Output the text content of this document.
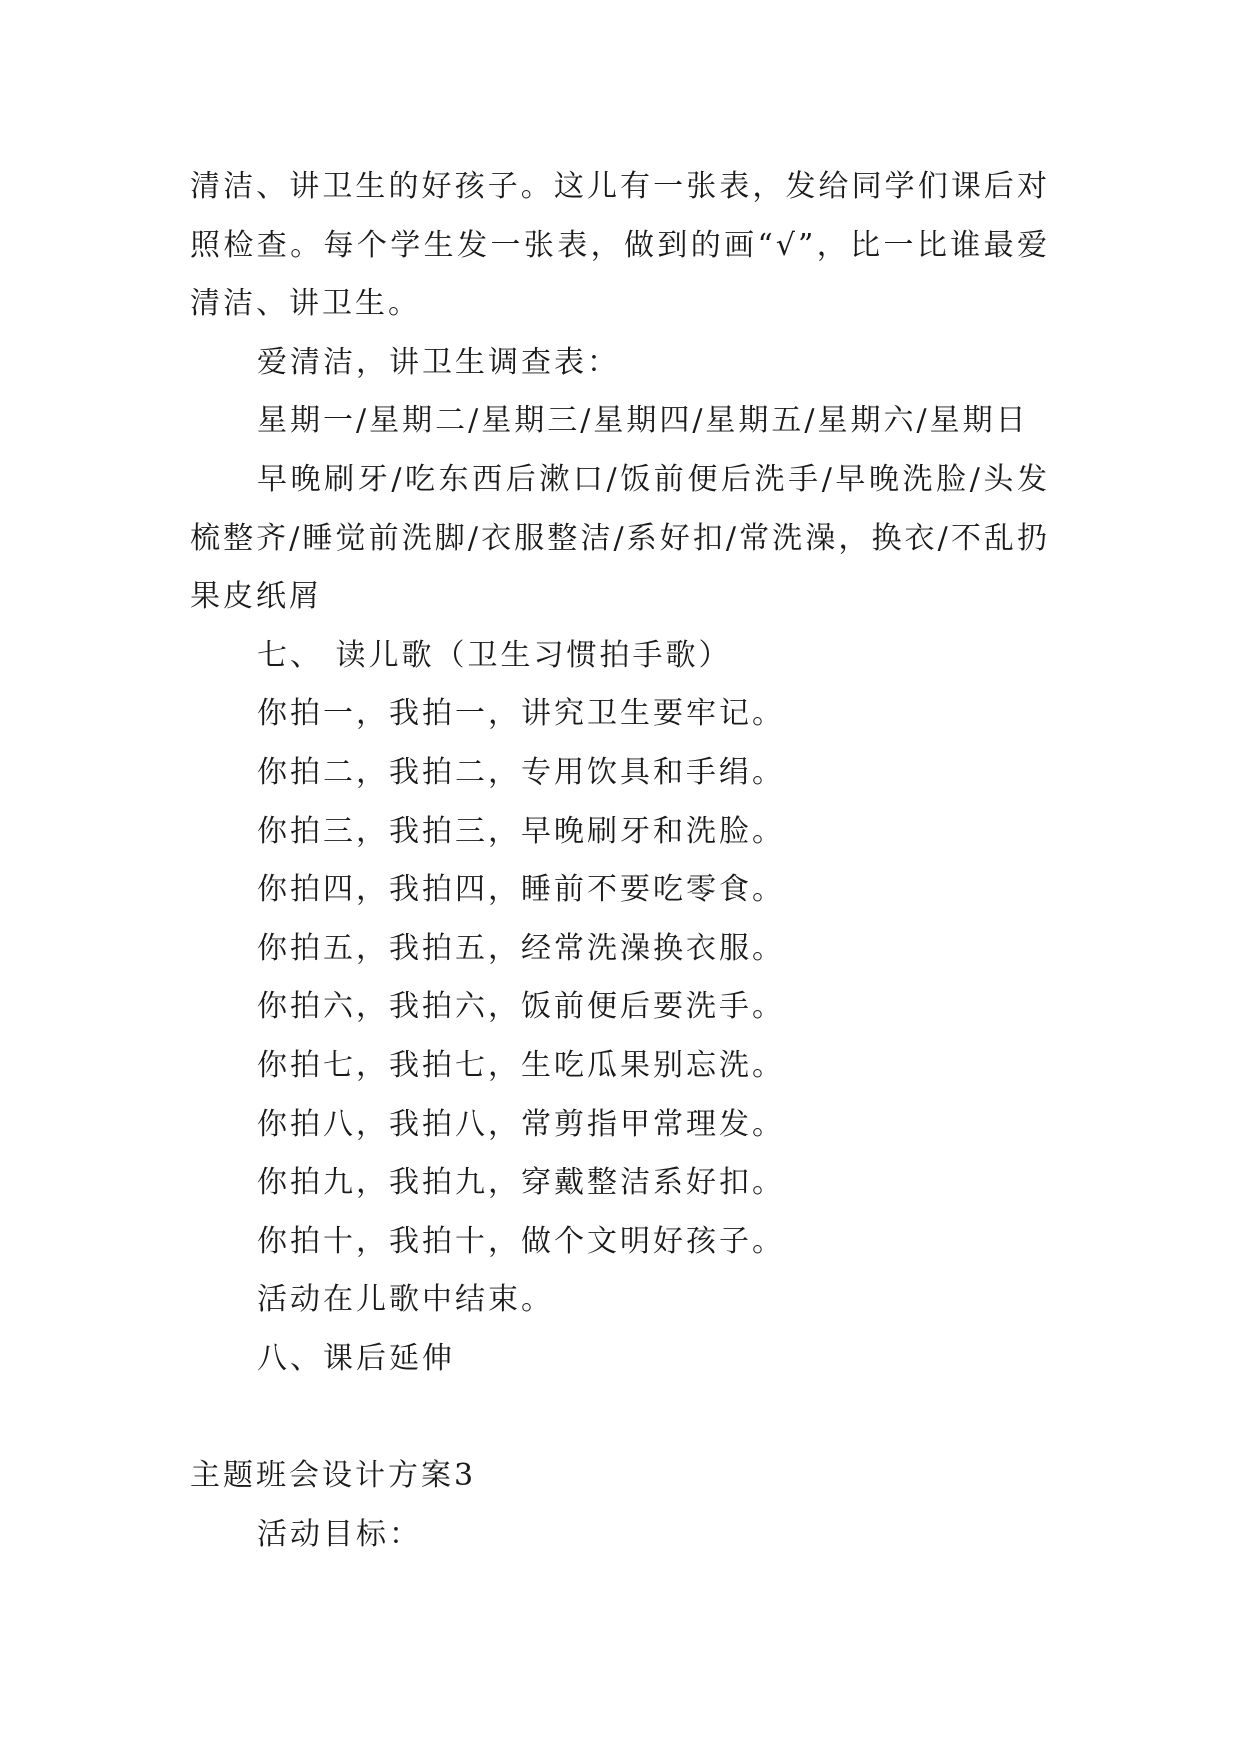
清洁、讲卫生的好孩子。这儿有一张表，发给同学们课后对照检查。每个学生发一张表，做到的画“√”，比一比谁最爱清洁、讲卫生。

爱清洁，讲卫生调查表：

星期一/星期二/星期三/星期四/星期五/星期六/星期日

早晚刷牙/吃东西后漱口/饭前便后洗手/早晚洗脸/头发梳整齐/睡觉前洗脚/衣服整洁/系好扣/常洗澡，换衣/不乱扔果皮纸屑

七、 读儿歌（卫生习惯拍手歌）

你拍一，我拍一，讲究卫生要牢记。

你拍二，我拍二，专用饮具和手绢。

你拍三，我拍三，早晚刷牙和洗脸。

你拍四，我拍四，睡前不要吃零食。

你拍五，我拍五，经常洗澡换衣服。

你拍六，我拍六，饭前便后要洗手。

你拍七，我拍七，生吃瓜果别忘洗。

你拍八，我拍八，常剪指甲常理发。

你拍九，我拍九，穿戴整洁系好扣。

你拍十，我拍十，做个文明好孩子。

活动在儿歌中结束。

八、课后延伸

主题班会设计方案3

活动目标：
